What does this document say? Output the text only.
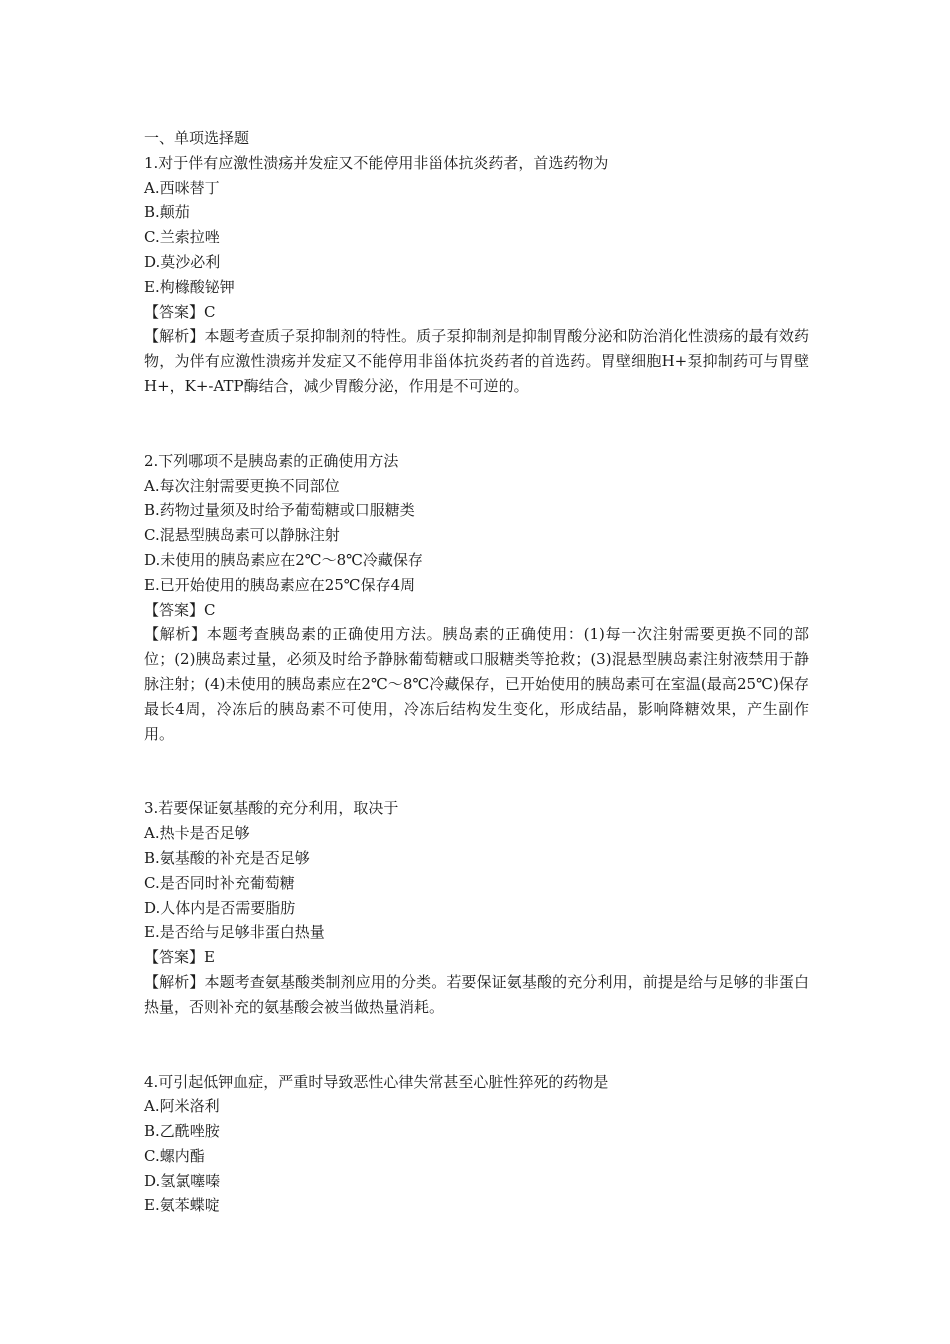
一、单项选择题
1.对于伴有应激性溃疡并发症又不能停用非甾体抗炎药者，首选药物为
A.西咪替丁
B.颠茄
C.兰索拉唑
D.莫沙必利
E.枸橼酸铋钾
【答案】C
【解析】本题考查质子泵抑制剂的特性。质子泵抑制剂是抑制胃酸分泌和防治消化性溃疡的最有效药物，为伴有应激性溃疡并发症又不能停用非甾体抗炎药者的首选药。胃壁细胞H+泵抑制药可与胃壁H+，K+-ATP酶结合，减少胃酸分泌，作用是不可逆的。
2.下列哪项不是胰岛素的正确使用方法
A.每次注射需要更换不同部位
B.药物过量须及时给予葡萄糖或口服糖类
C.混悬型胰岛素可以静脉注射
D.未使用的胰岛素应在2℃～8℃冷藏保存
E.已开始使用的胰岛素应在25℃保存4周
【答案】C
【解析】本题考查胰岛素的正确使用方法。胰岛素的正确使用：(1)每一次注射需要更换不同的部位；(2)胰岛素过量，必须及时给予静脉葡萄糖或口服糖类等抢救；(3)混悬型胰岛素注射液禁用于静脉注射；(4)未使用的胰岛素应在2℃～8℃冷藏保存，已开始使用的胰岛素可在室温(最高25℃)保存最长4周，冷冻后的胰岛素不可使用，冷冻后结构发生变化，形成结晶，影响降糖效果，产生副作用。
3.若要保证氨基酸的充分利用，取决于
A.热卡是否足够
B.氨基酸的补充是否足够
C.是否同时补充葡萄糖
D.人体内是否需要脂肪
E.是否给与足够非蛋白热量
【答案】E
【解析】本题考查氨基酸类制剂应用的分类。若要保证氨基酸的充分利用，前提是给与足够的非蛋白热量，否则补充的氨基酸会被当做热量消耗。
4.可引起低钾血症，严重时导致恶性心律失常甚至心脏性猝死的药物是
A.阿米洛利
B.乙酰唑胺
C.螺内酯
D.氢氯噻嗪
E.氨苯蝶啶
